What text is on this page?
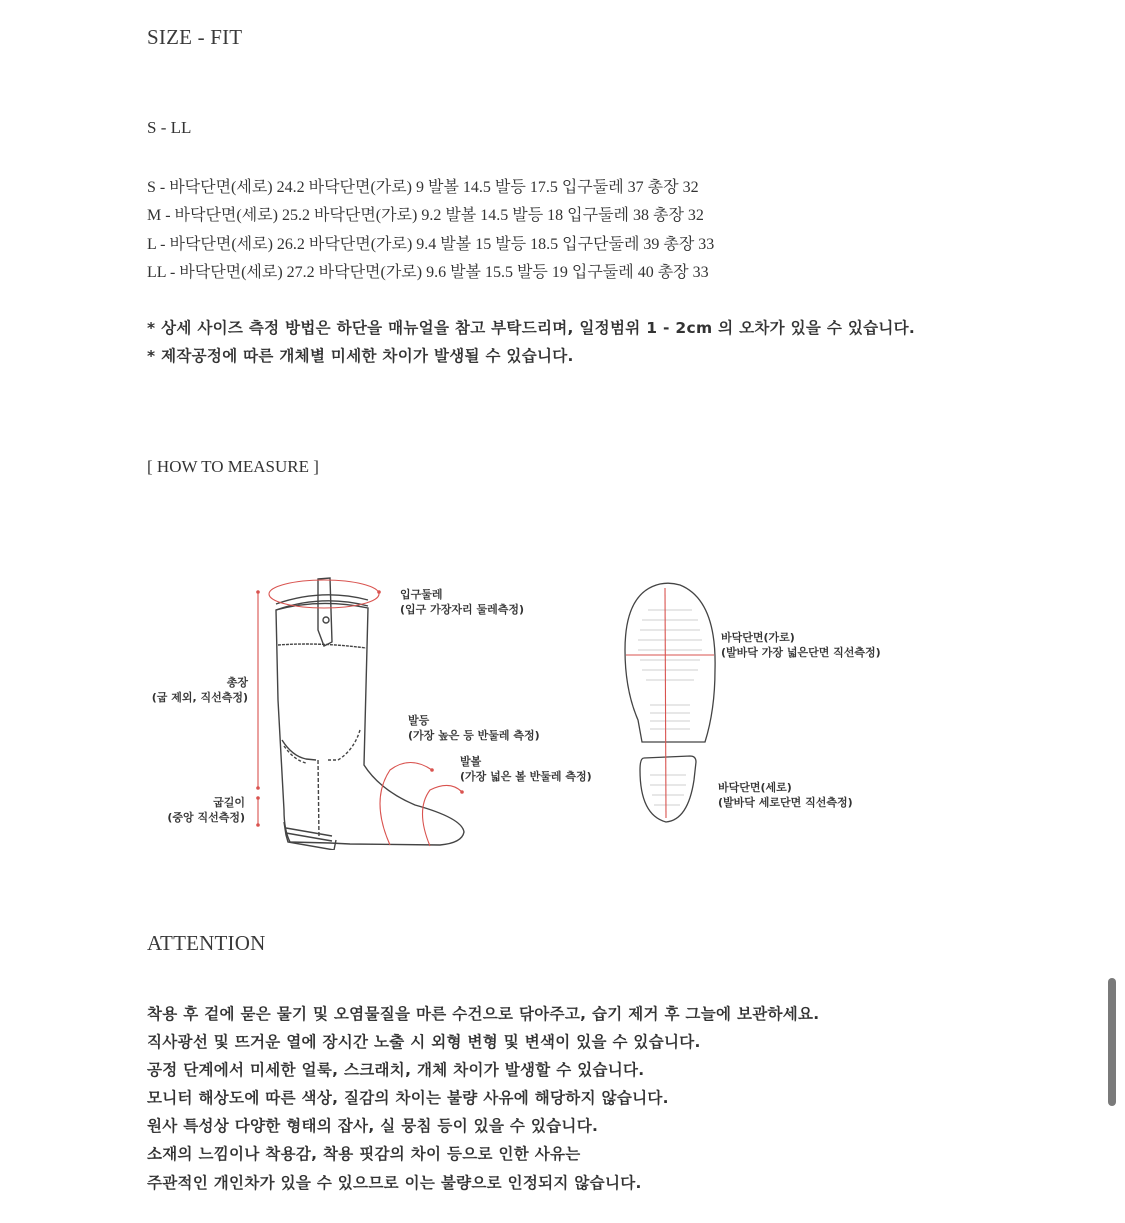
SIZE - FIT
S - LL
S - 바닥단면(세로) 24.2 바닥단면(가로) 9 발볼 14.5 발등 17.5 입구둘레 37 총장 32
M - 바닥단면(세로) 25.2 바닥단면(가로) 9.2 발볼 14.5 발등 18 입구둘레 38 총장 32
L - 바닥단면(세로) 26.2 바닥단면(가로) 9.4 발볼 15 발등 18.5 입구단둘레 39 총장 33
LL - 바닥단면(세로) 27.2 바닥단면(가로) 9.6 발볼 15.5 발등 19 입구둘레 40 총장 33
* 상세 사이즈 측정 방법은 하단을 매뉴얼을 참고 부탁드리며, 일정범위 1 - 2cm 의 오차가 있을 수 있습니다.
* 제작공정에 따른 개체별 미세한 차이가 발생될 수 있습니다.
[ HOW TO MEASURE ]
입구둘레
(입구 가장자리 둘레측정)
총장
(굽 제외, 직선측정)
발등
(가장 높은 등 반둘레 측정)
발볼
(가장 넓은 볼 반둘레 측정)
굽길이
(중앙 직선측정)
바닥단면(가로)
(발바닥 가장 넓은단면 직선측정)
바닥단면(세로)
(발바닥 세로단면 직선측정)
ATTENTION
착용 후 겉에 묻은 물기 및 오염물질을 마른 수건으로 닦아주고, 습기 제거 후 그늘에 보관하세요.
직사광선 및 뜨거운 열에 장시간 노출 시 외형 변형 및 변색이 있을 수 있습니다.
공정 단계에서 미세한 얼룩, 스크래치, 개체 차이가 발생할 수 있습니다.
모니터 해상도에 따른 색상, 질감의 차이는 불량 사유에 해당하지 않습니다.
원사 특성상 다양한 형태의 잡사, 실 뭉침 등이 있을 수 있습니다.
소재의 느낌이나 착용감, 착용 핏감의 차이 등으로 인한 사유는
주관적인 개인차가 있을 수 있으므로 이는 불량으로 인정되지 않습니다.
